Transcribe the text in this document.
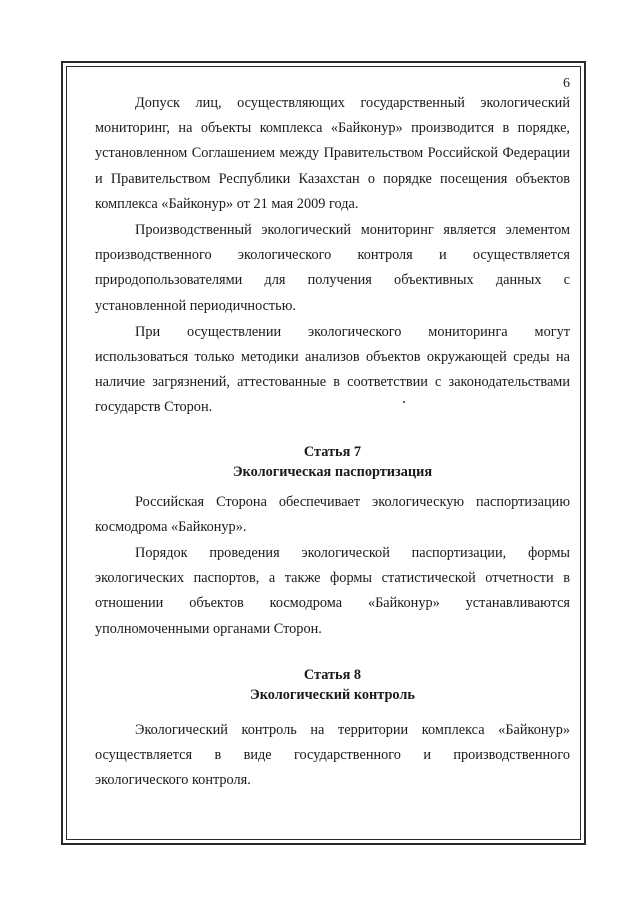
6

Допуск лиц, осуществляющих государственный экологический мониторинг, на объекты комплекса «Байконур» производится в порядке, установленном Соглашением между Правительством Российской Федерации и Правительством Республики Казахстан о порядке посещения объектов комплекса «Байконур» от 21 мая 2009 года.

Производственный экологический мониторинг является элементом производственного экологического контроля и осуществляется природопользователями для получения объективных данных с установленной периодичностью.

При осуществлении экологического мониторинга могут использоваться только методики анализов объектов окружающей среды на наличие загрязнений, аттестованные в соответствии с законодательствами государств Сторон.

Статья 7

Экологическая паспортизация

Российская Сторона обеспечивает экологическую паспортизацию космодрома «Байконур».

Порядок проведения экологической паспортизации, формы экологических паспортов, а также формы статистической отчетности в отношении объектов космодрома «Байконур» устанавливаются уполномоченными органами Сторон.

Статья 8

Экологический контроль

Экологический контроль на территории комплекса «Байконур» осуществляется в виде государственного и производственного экологического контроля.
